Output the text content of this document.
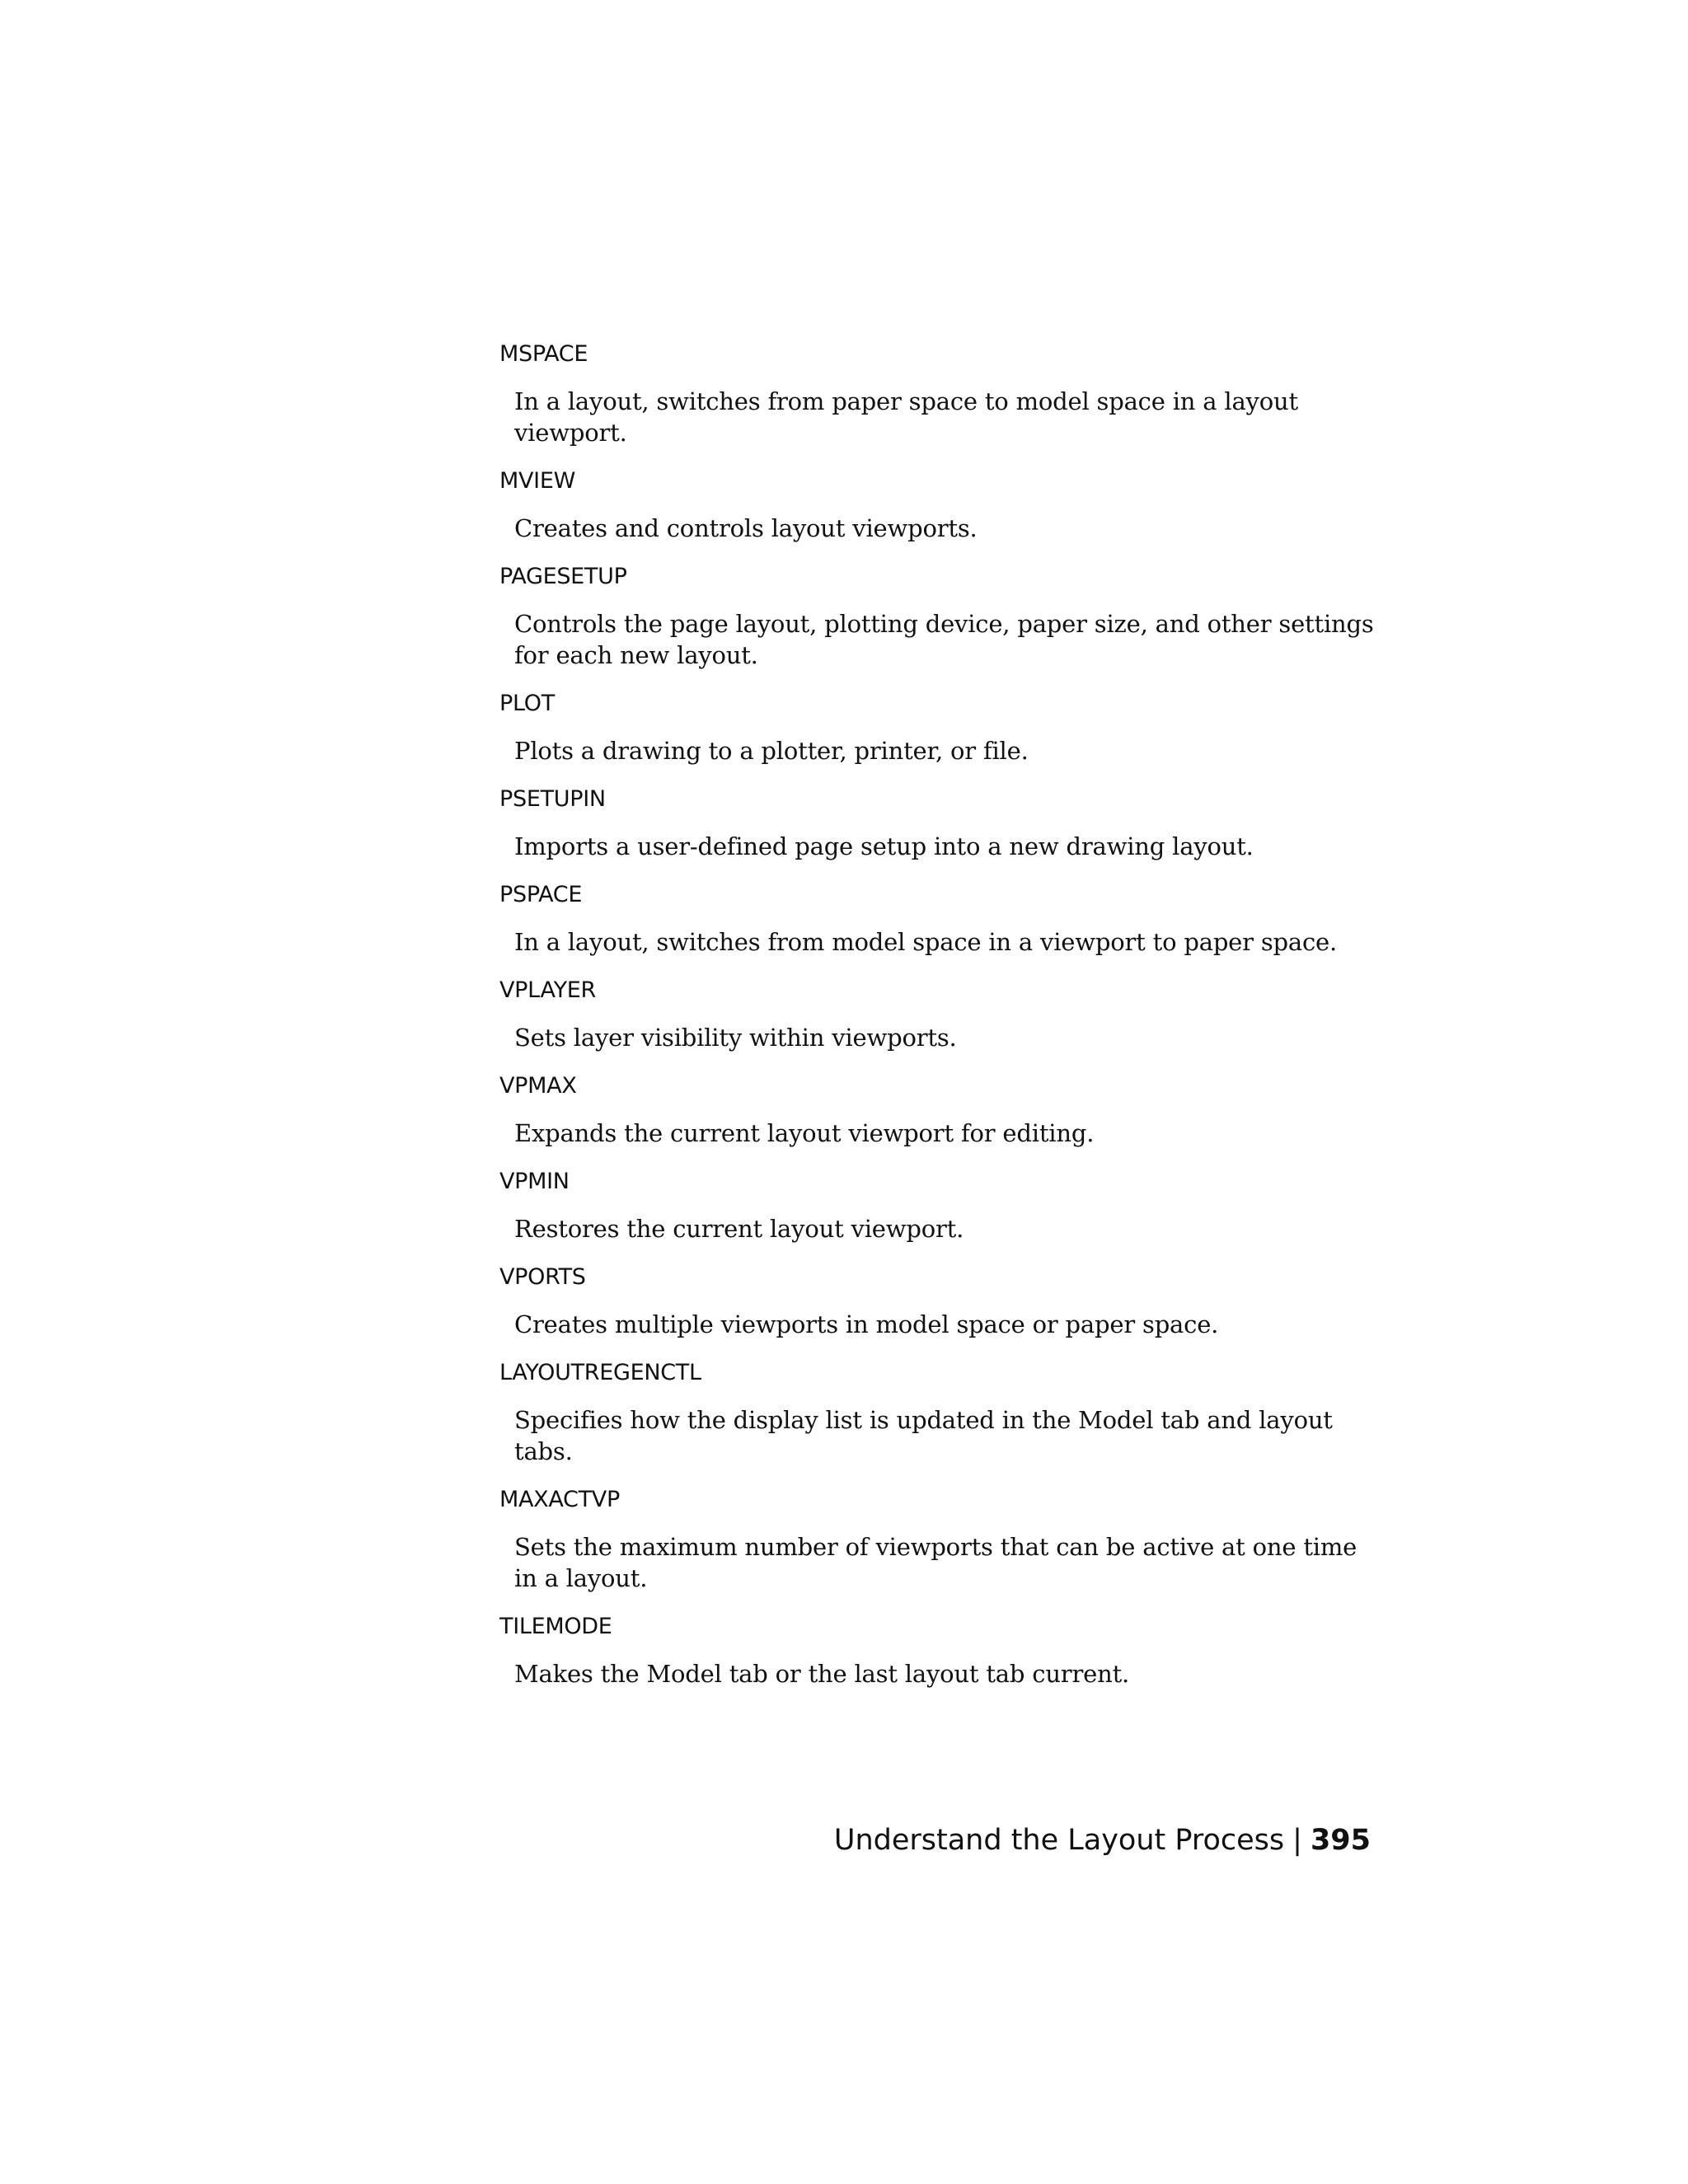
MSPACE
In a layout, switches from paper space to model space in a layout viewport.
MVIEW
Creates and controls layout viewports.
PAGESETUP
Controls the page layout, plotting device, paper size, and other settings for each new layout.
PLOT
Plots a drawing to a plotter, printer, or file.
PSETUPIN
Imports a user-defined page setup into a new drawing layout.
PSPACE
In a layout, switches from model space in a viewport to paper space.
VPLAYER
Sets layer visibility within viewports.
VPMAX
Expands the current layout viewport for editing.
VPMIN
Restores the current layout viewport.
VPORTS
Creates multiple viewports in model space or paper space.
LAYOUTREGENCTL
Specifies how the display list is updated in the Model tab and layout tabs.
MAXACTVP
Sets the maximum number of viewports that can be active at one time in a layout.
TILEMODE
Makes the Model tab or the last layout tab current.
Understand the Layout Process | 395
